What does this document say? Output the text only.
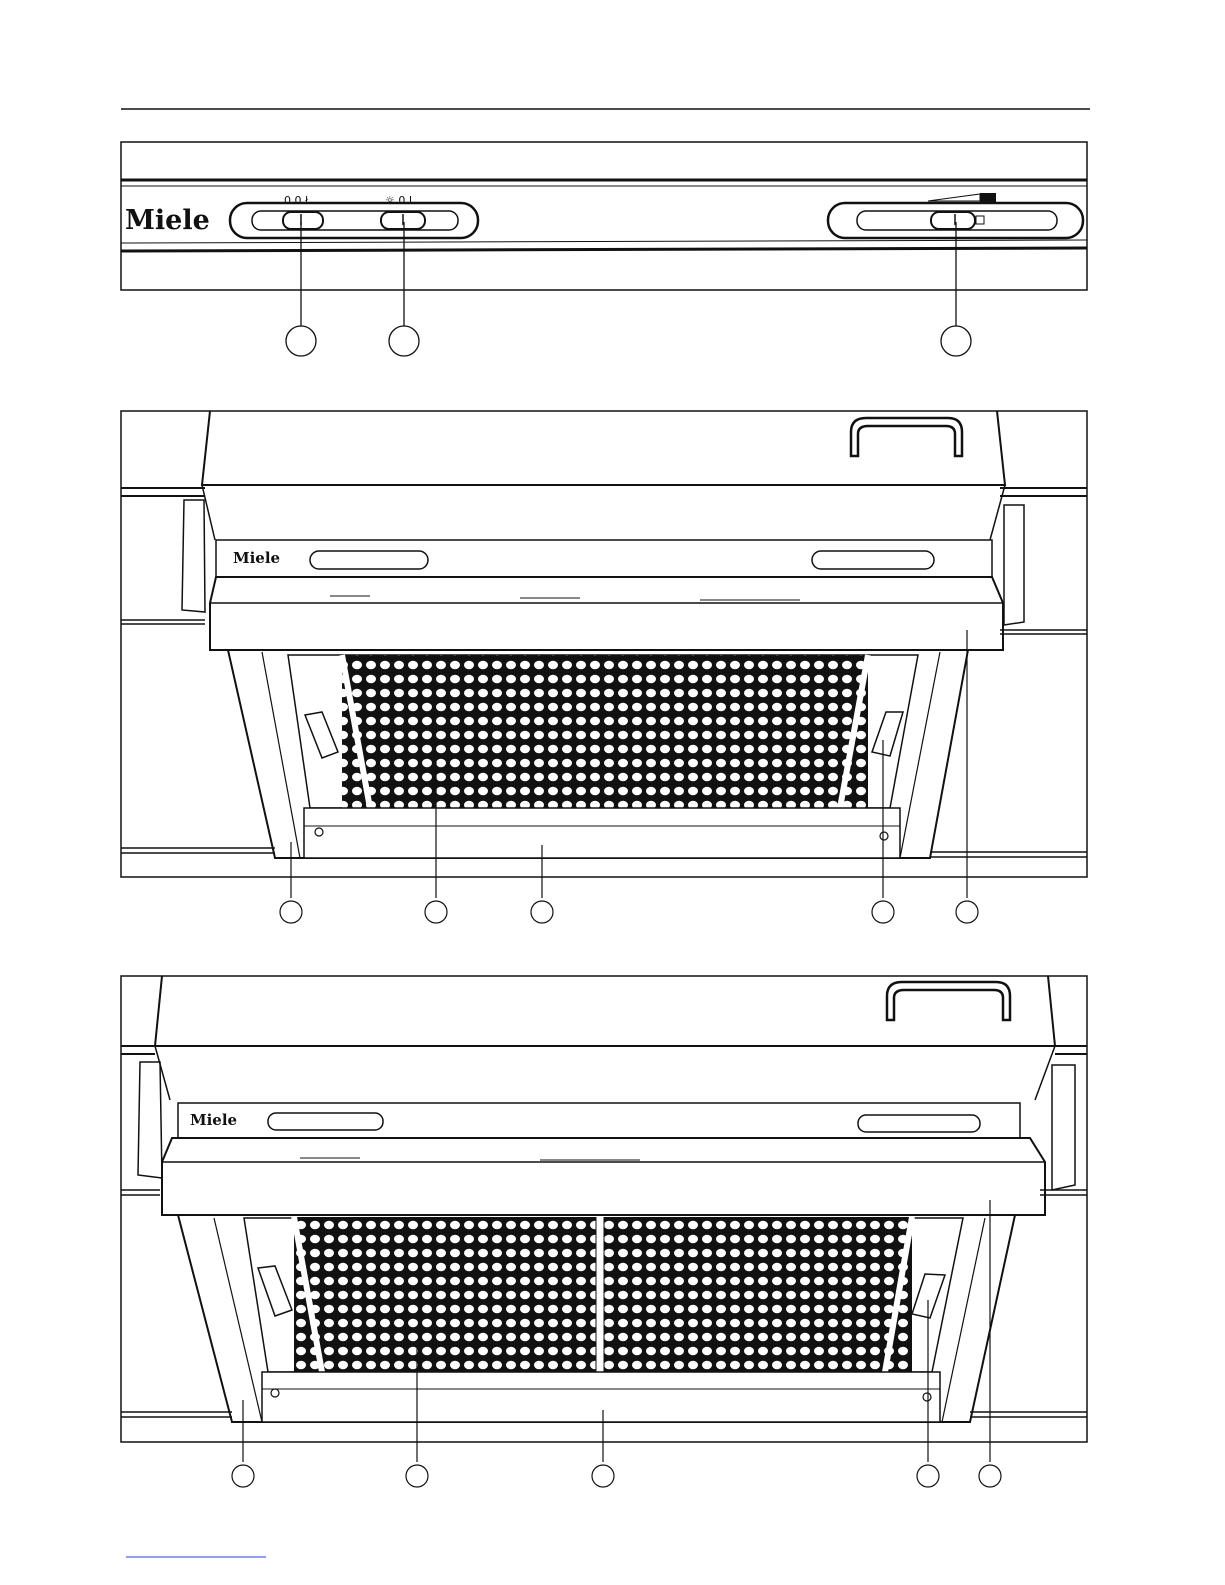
Miele
0 0 ł	☼ 0 I
Miele
Miele
